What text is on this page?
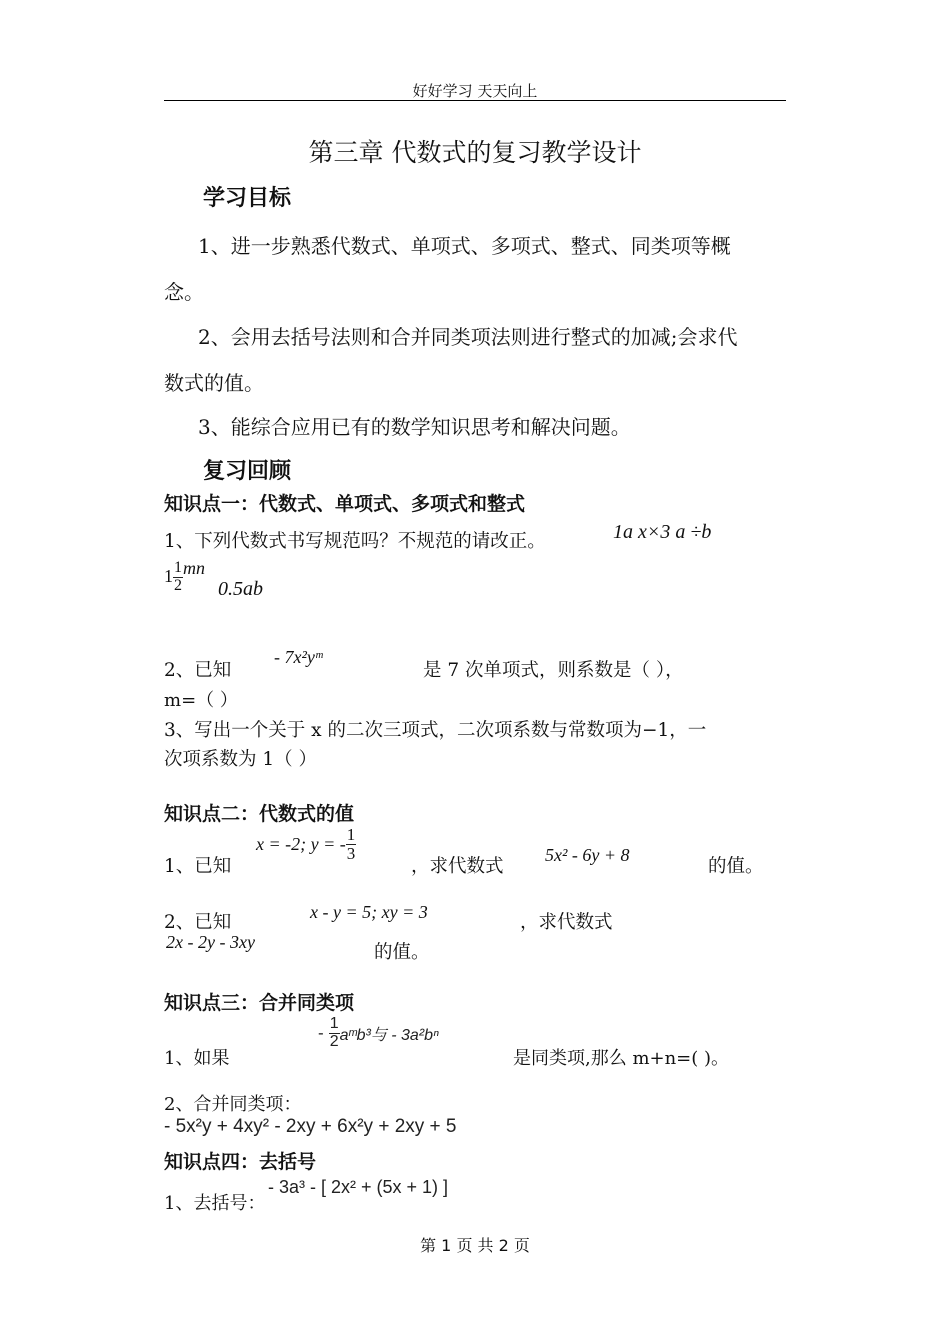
好好学习 天天向上
第三章 代数式的复习教学设计
学习目标
1、进一步熟悉代数式、单项式、多项式、整式、同类项等概
念。
2、会用去括号法则和合并同类项法则进行整式的加减;会求代
数式的值。
3、能综合应用已有的数学知识思考和解决问题。
复习回顾
知识点一：代数式、单项式、多项式和整式
1、下列代数式书写规范吗？不规范的请改正。	1a x×3 a ÷b
$1 \frac{1}{2}$ mn
0.5ab
2、已知
- 7x²yᵐ
是 7 次单项式，则系数是（ ），
m=（ ）
3、写出一个关于 x 的二次三项式，二次项系数与常数项为−1，一
次项系数为 1（ ）
知识点二：代数式的值
1、已知
x = -2; y = - $\frac{1}{3}$
，求代数式
5x² - 6y + 8
的值。
2、已知	x - y = 5; xy = 3	，求代数式
2x - 2y - 3xy	的值。
知识点三：合并同类项
1、如果
- $\frac{1}{2}$ aᵐb³与 - 3a²bⁿ
是同类项,那么 m+n=( )。
2、合并同类项：
- 5x²y + 4xy² - 2xy + 6x²y + 2xy + 5
知识点四：去括号
1、去括号：
- 3a³ - [ 2x² + (5x + 1) ]
第 1 页 共 2 页
